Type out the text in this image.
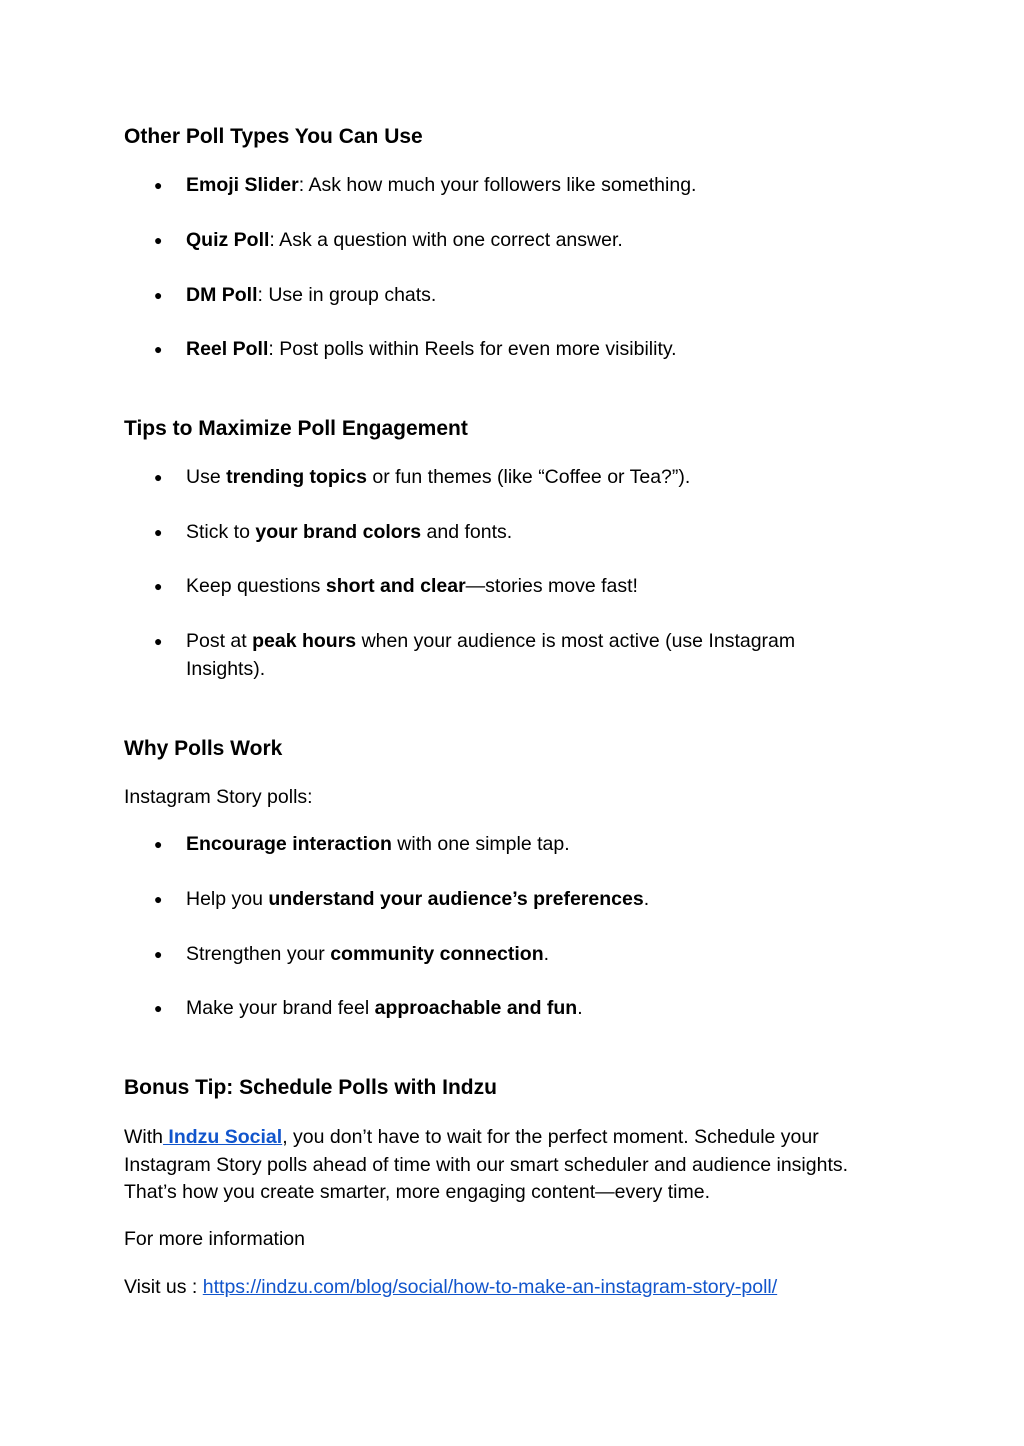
Other Poll Types You Can Use
● Emoji Slider: Ask how much your followers like something.
● Quiz Poll: Ask a question with one correct answer.
● DM Poll: Use in group chats.
● Reel Poll: Post polls within Reels for even more visibility.
Tips to Maximize Poll Engagement
● Use trending topics or fun themes (like “Coffee or Tea?”).
● Stick to your brand colors and fonts.
● Keep questions short and clear—stories move fast!
● Post at peak hours when your audience is most active (use Instagram Insights).
Why Polls Work

Instagram Story polls:

● Encourage interaction with one simple tap.
● Help you understand your audience’s preferences.
● Strengthen your community connection.
● Make your brand feel approachable and fun.
Bonus Tip: Schedule Polls with Indzu

With Indzu Social, you don’t have to wait for the perfect moment. Schedule your Instagram Story polls ahead of time with our smart scheduler and audience insights. That’s how you create smarter, more engaging content—every time.

For more information

Visit us : https://indzu.com/blog/social/how-to-make-an-instagram-story-poll/
